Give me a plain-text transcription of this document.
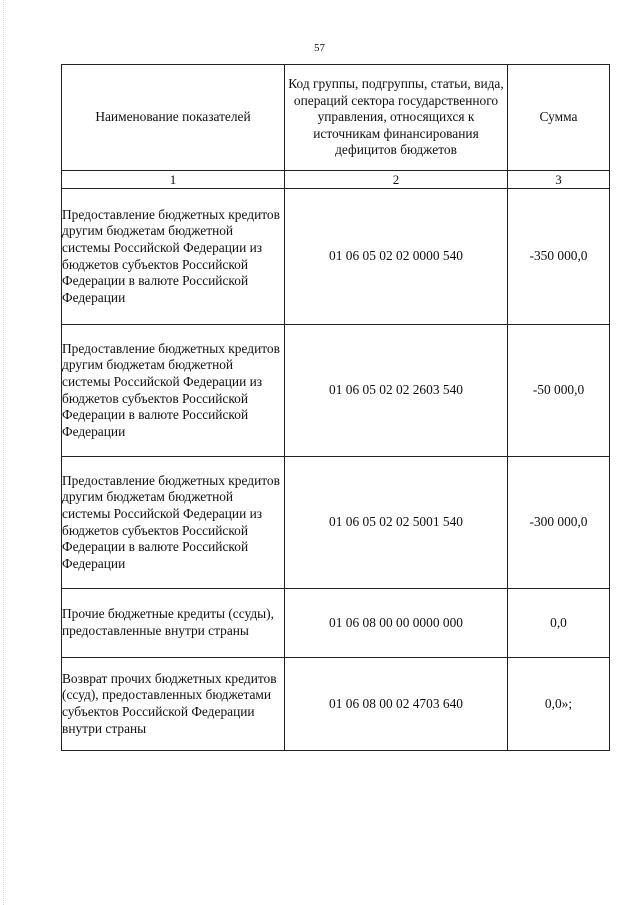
57
Наименование показателей	Код группы, подгруппы, статьи, вида, операций сектора государственного управления, относящихся к источникам финансирования дефицитов бюджетов	Сумма
1	2	3
Предоставление бюджетных кредитов другим бюджетам бюджетной системы Российской Федерации из бюджетов субъектов Российской Федерации в валюте Российской Федерации	01 06 05 02 02 0000 540	-350 000,0
Предоставление бюджетных кредитов другим бюджетам бюджетной системы Российской Федерации из бюджетов субъектов Российской Федерации в валюте Российской Федерации	01 06 05 02 02 2603 540	-50 000,0
Предоставление бюджетных кредитов другим бюджетам бюджетной системы Российской Федерации из бюджетов субъектов Российской Федерации в валюте Российской Федерации	01 06 05 02 02 5001 540	-300 000,0
Прочие бюджетные кредиты (ссуды), предоставленные внутри страны	01 06 08 00 00 0000 000	0,0
Возврат прочих бюджетных кредитов (ссуд), предоставленных бюджетами субъектов Российской Федерации внутри страны	01 06 08 00 02 4703 640	0,0»;
